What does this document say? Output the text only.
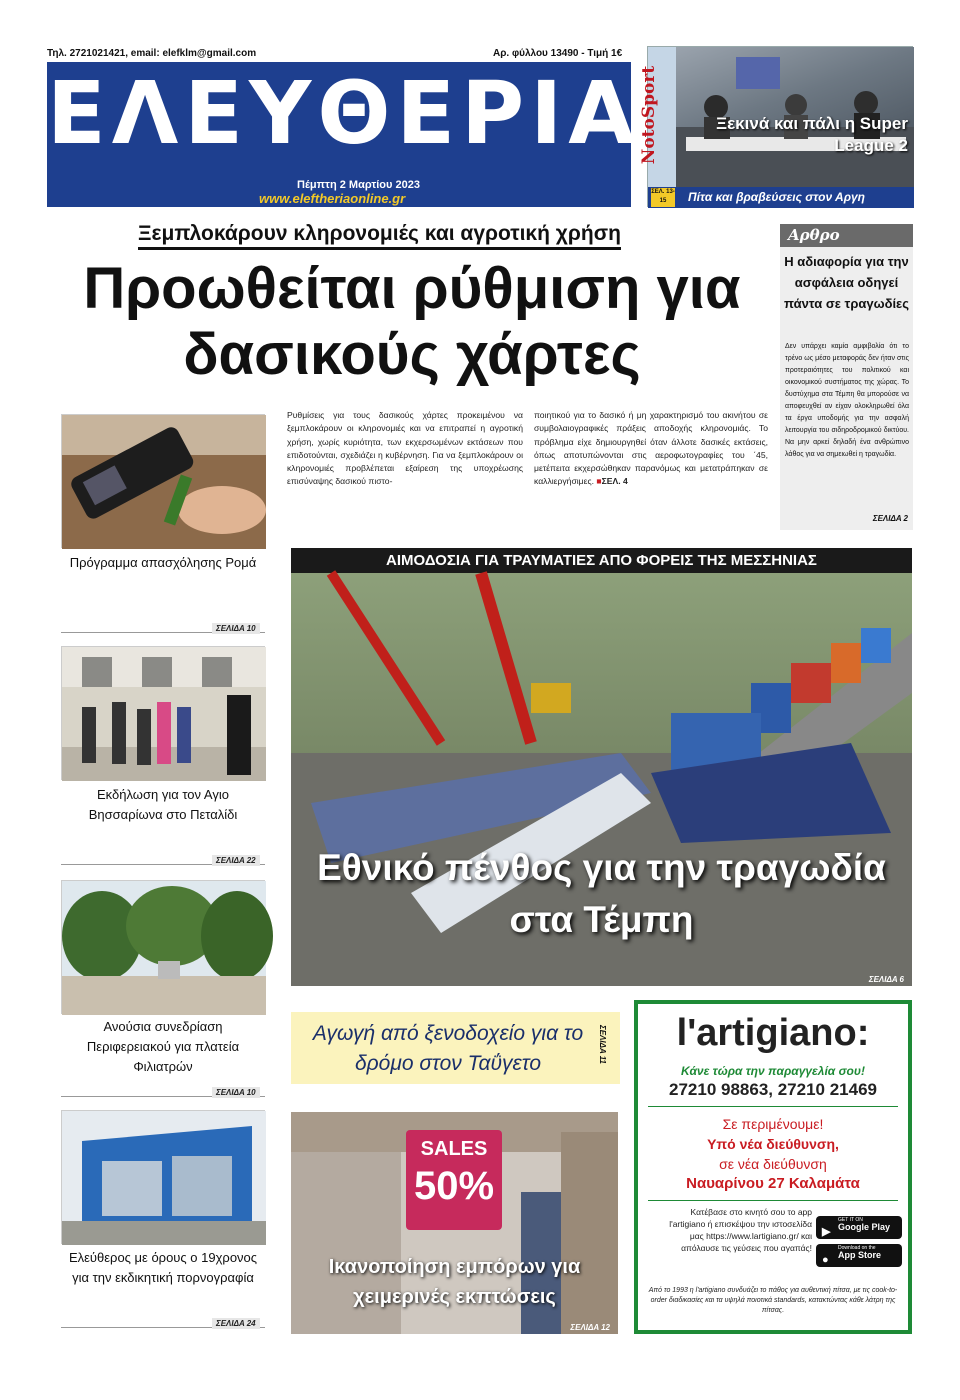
Τηλ. 2721021421, email: elefklm@gmail.com	Αρ. φύλλου 13490 - Τιμή 1€
ΕΛΕΥΘΕΡΙΑ
Πέμπτη 2 Μαρτίου 2023
www.eleftheriaonline.gr
NotoSport	Ξεκινά και πάλι η Super League 2
ΣΕΛ. 13-15	Πίτα και βραβεύσεις στον Αργη
Ξεμπλοκάρουν κληρονομιές και αγροτική χρήση
Προωθείται ρύθμιση για δασικούς χάρτες
Ρυθμίσεις για τους δασικούς χάρτες προκειμένου να ξεμπλοκάρουν οι κληρονομιές και να επιτραπεί η αγροτική χρήση, χωρίς κυριότητα, των εκχερσωμένων εκτάσεων που επιδοτούνται, σχεδιάζει η κυβέρνηση. Για να ξεμπλοκάρουν οι κληρονομιές προβλέπεται εξαίρεση της υποχρέωσης επισύναψης δασικού πιστο-
ποιητικού για το δασικό ή μη χαρακτηρισμό του ακινήτου σε συμβολαιογραφικές πράξεις αποδοχής κληρονομιάς. Το πρόβλημα είχε δημιουργηθεί όταν άλλοτε δασικές εκτάσεις, όπως αποτυπώνονται στις αεροφωτογραφίες του ΄45, μετέπειτα εκχερσώθηκαν παρανόμως και μετατράπηκαν σε καλλιεργήσιμες. ■ΣΕΛ. 4
Αρθρο
Η αδιαφορία για την ασφάλεια οδηγεί πάντα σε τραγωδίες
Δεν υπάρχει καμία αμφιβολία ότι το τρένο ως μέσο μεταφοράς δεν ήταν στις προτεραιότητες του πολιτικού και οικονομικού συστήματος της χώρας. Το δυστύχημα στα Τέμπη θα μπορούσε να αποφευχθεί αν είχαν ολοκληρωθεί όλα τα έργα υποδομής για την ασφαλή λειτουργία του σιδηροδρομικού δικτύου. Να μην αρκεί δηλαδή ένα ανθρώπινο λάθος για να σημειωθεί η τραγωδία.
ΣΕΛΙΔΑ 2
Πρόγραμμα απασχόλησης Ρομά
ΣΕΛΙΔΑ 10
Εκδήλωση για τον Αγιο Βησσαρίωνα στο Πεταλίδι
ΣΕΛΙΔΑ 22
Ανούσια συνεδρίαση Περιφερειακού για πλατεία Φιλιατρών
ΣΕΛΙΔΑ 10
Ελεύθερος με όρους ο 19χρονος για την εκδικητική πορνογραφία
ΣΕΛΙΔΑ 24
ΑΙΜΟΔΟΣΙΑ ΓΙΑ ΤΡΑΥΜΑΤΙΕΣ ΑΠΟ ΦΟΡΕΙΣ ΤΗΣ ΜΕΣΣΗΝΙΑΣ
Εθνικό πένθος για την τραγωδία στα Τέμπη
ΣΕΛΙΔΑ 6

Αγωγή από ξενοδοχείο για το δρόμο στον Ταΰγετο	ΣΕΛΙΔΑ 11
SALES
50%
Ικανοποίηση εμπόρων για χειμερινές εκπτώσεις
ΣΕΛΙΔΑ 12
l'artigiano:
Κάνε τώρα την παραγγελία σου!
27210 98863, 27210 21469
Σε περιμένουμε!
Υπό νέα διεύθυνση,
σε νέα διεύθυνση
Ναυαρίνου 27 Καλαμάτα
Κατέβασε στο κινητό σου το app l'artigiano ή επισκέψου την ιστοσελίδα μας https://www.lartigiano.gr/ και απόλαυσε τις γεύσεις που αγαπάς!
▶
GET IT ON
Google Play
●
Download on the
App Store
Από το 1993 η l'artigiano συνδυάζει το πάθος για αυθεντική πίτσα, με τις cook-to-order διαδικασίες και τα υψηλά ποιοτικά standards, κατακτώντας κάθε λάτρη της πίτσας.
